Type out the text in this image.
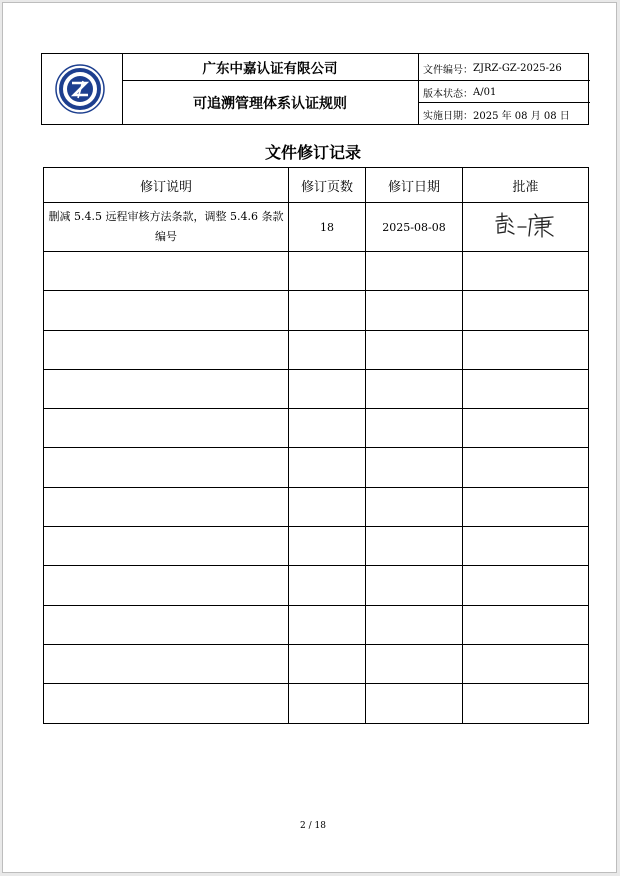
广东中嘉认证有限公司
可追溯管理体系认证规则
文件编号： ZJRZ-GZ-2025-26
版本状态： A/01
实施日期： 2025 年 08 月 08 日
文件修订记录
修订说明	修订页数	修订日期	批准
删减 5.4.5 远程审核方法条款，调整 5.4.6 条款编号	18	2025-08-08	

2 / 18
